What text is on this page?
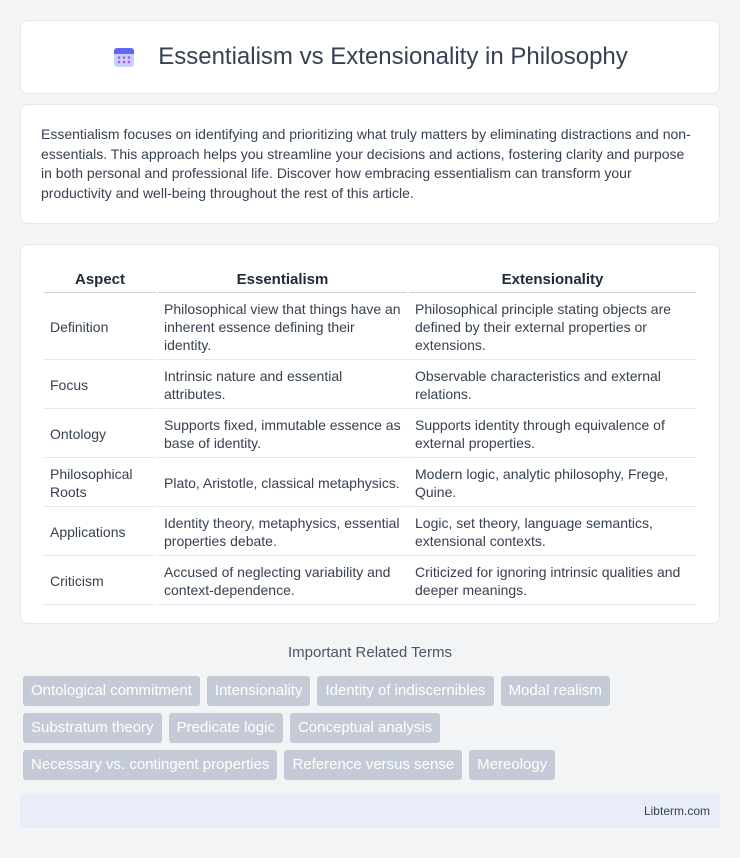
Essentialism vs Extensionality in Philosophy

Essentialism focuses on identifying and prioritizing what truly matters by eliminating distractions and non-essentials. This approach helps you streamline your decisions and actions, fostering clarity and purpose in both personal and professional life. Discover how embracing essentialism can transform your productivity and well-being throughout the rest of this article.

Aspect	Essentialism	Extensionality
Definition	Philosophical view that things have an inherent essence defining their identity.	Philosophical principle stating objects are defined by their external properties or extensions.
Focus	Intrinsic nature and essential attributes.	Observable characteristics and external relations.
Ontology	Supports fixed, immutable essence as base of identity.	Supports identity through equivalence of external properties.
Philosophical Roots	Plato, Aristotle, classical metaphysics.	Modern logic, analytic philosophy, Frege, Quine.
Applications	Identity theory, metaphysics, essential properties debate.	Logic, set theory, language semantics, extensional contexts.
Criticism	Accused of neglecting variability and context-dependence.	Criticized for ignoring intrinsic qualities and deeper meanings.
Important Related Terms
Ontological commitment	Intensionality	Identity of indiscernibles	Modal realism
Substratum theory	Predicate logic	Conceptual analysis
Necessary vs. contingent properties	Reference versus sense	Mereology
Libterm.com
